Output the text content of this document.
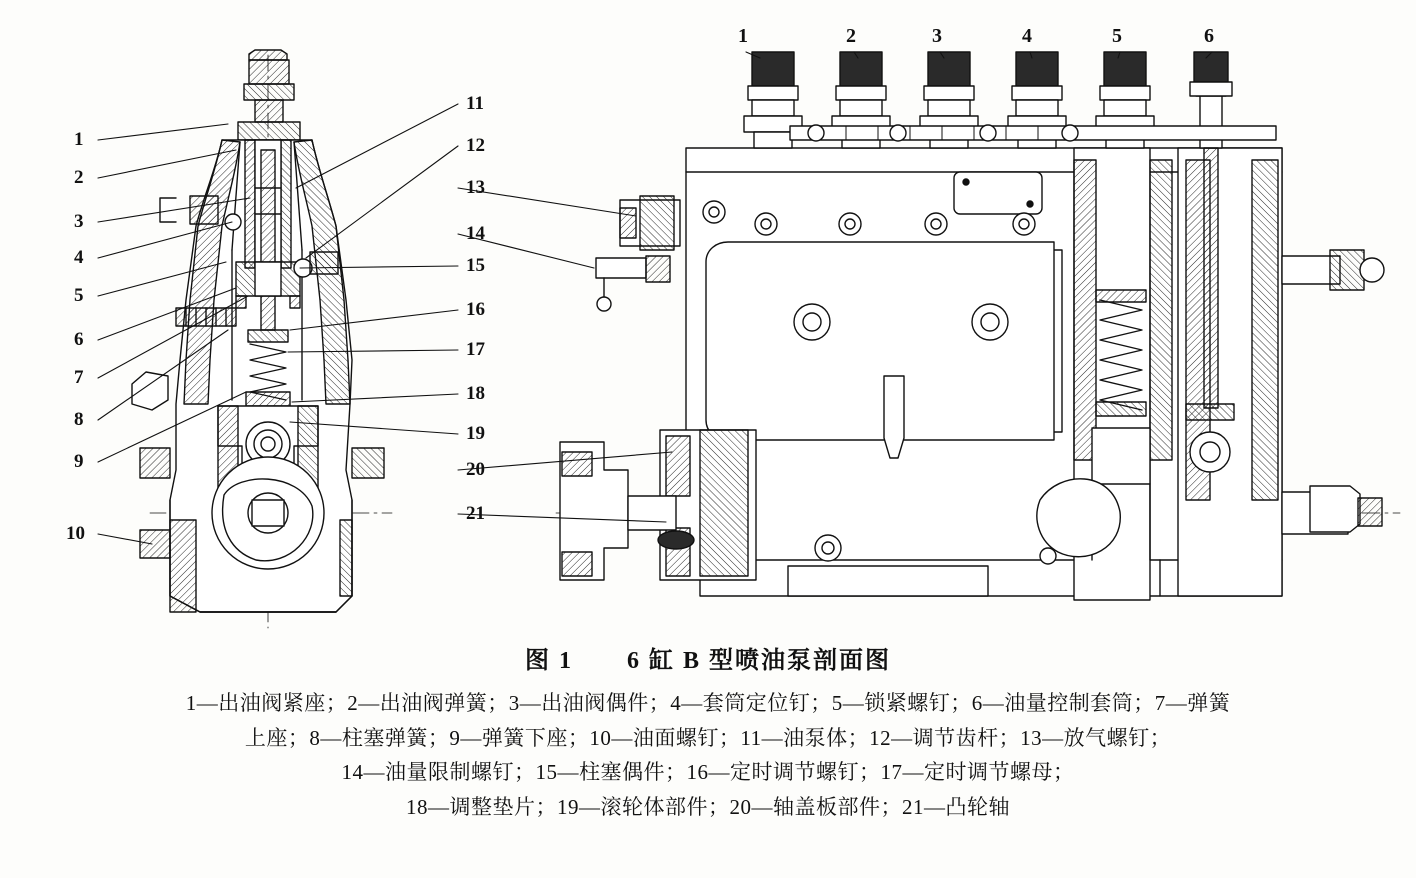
1
2
3
4
5
6
7
8
9
10
11
12
13
14
15
16
17
18
19
20
21
1	2	3	4	5	6
图 1 6 缸 B 型喷油泵剖面图
1—出油阀紧座；2—出油阀弹簧；3—出油阀偶件；4—套筒定位钉；5—锁紧螺钉；6—油量控制套筒；7—弹簧
上座；8—柱塞弹簧；9—弹簧下座；10—油面螺钉；11—油泵体；12—调节齿杆；13—放气螺钉；
14—油量限制螺钉；15—柱塞偶件；16—定时调节螺钉；17—定时调节螺母；
18—调整垫片；19—滚轮体部件；20—轴盖板部件；21—凸轮轴
